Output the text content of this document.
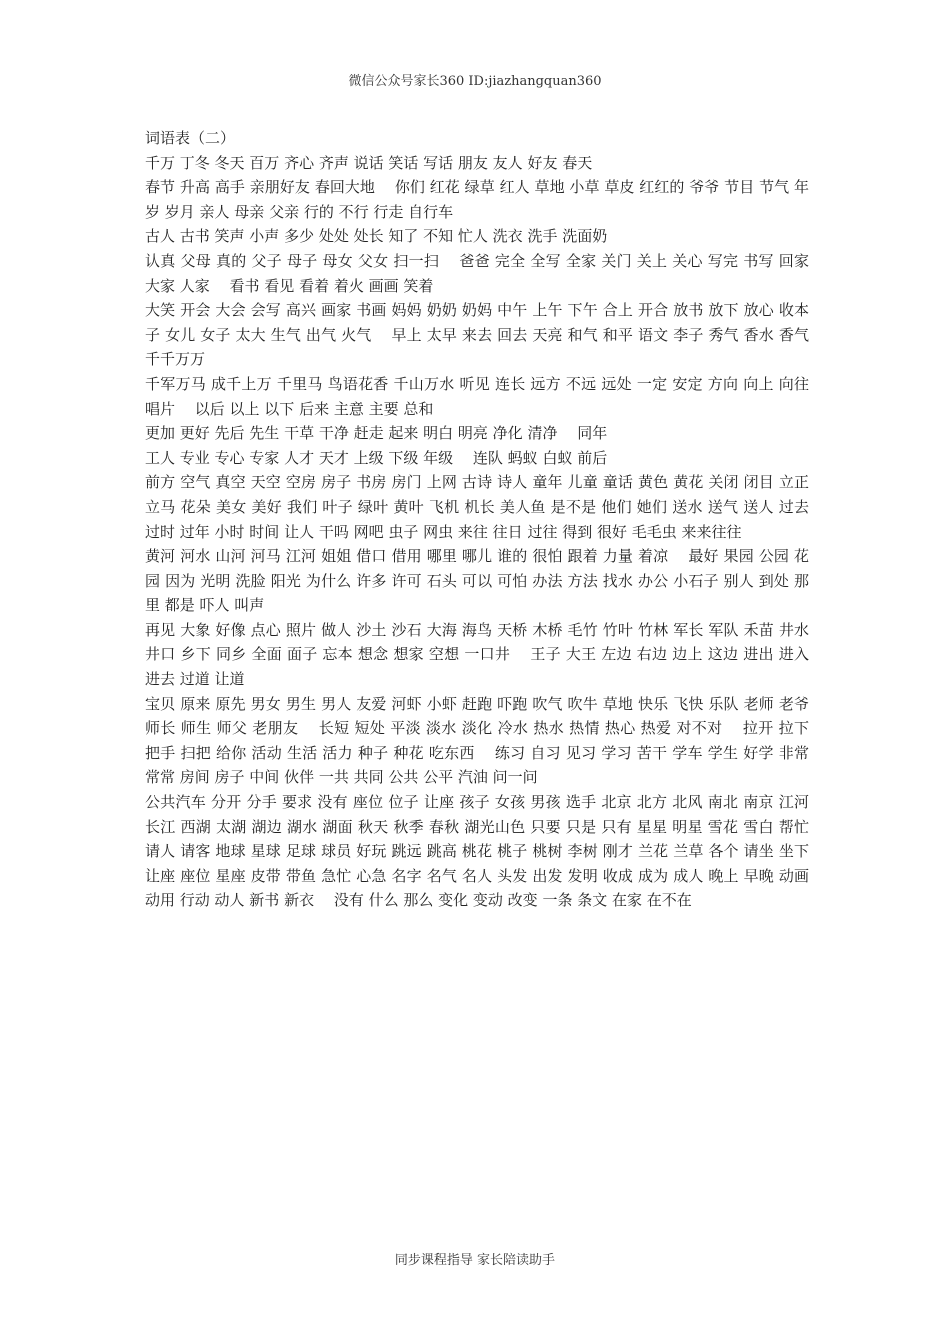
微信公众号家长360 ID:jiazhangquan360

词语表（二）

千万 丁冬 冬天 百万 齐心 齐声 说话 笑话 写话 朋友 友人 好友 春天

春节 升高 高手 亲朋好友 春回大地　 你们 红花 绿草 红人 草地 小草 草皮 红红的 爷爷 节目 节气 年岁 岁月 亲人 母亲 父亲 行的 不行 行走 自行车

古人 古书 笑声 小声 多少 处处 处长 知了 不知 忙人 洗衣 洗手 洗面奶

认真 父母 真的 父子 母子 母女 父女 扫一扫　 爸爸 完全 全写 全家 关门 关上 关心 写完 书写 回家 大家 人家　 看书 看见 看着 着火 画画 笑着

大笑 开会 大会 会写 高兴 画家 书画 妈妈 奶奶 奶妈 中午 上午 下午 合上 开合 放书 放下 放心 收本子 女儿 女子 太大 生气 出气 火气　 早上 太早 来去 回去 天亮 和气 和平 语文 李子 秀气 香水 香气 千千万万

千军万马 成千上万 千里马 鸟语花香 千山万水 听见 连长 远方 不远 远处 一定 安定 方向 向上 向往 唱片　 以后 以上 以下 后来 主意 主要 总和

更加 更好 先后 先生 干草 干净 赶走 起来 明白 明亮 净化 清净　 同年

工人 专业 专心 专家 人才 天才 上级 下级 年级　 连队 蚂蚁 白蚁 前后

前方 空气 真空 天空 空房 房子 书房 房门 上网 古诗 诗人 童年 儿童 童话 黄色 黄花 关闭 闭目 立正 立马 花朵 美女 美好 我们 叶子 绿叶 黄叶 飞机 机长 美人鱼 是不是 他们 她们 送水 送气 送人 过去 过时 过年 小时 时间 让人 干吗 网吧 虫子 网虫 来往 往日 过往 得到 很好 毛毛虫 来来往往

黄河 河水 山河 河马 江河 姐姐 借口 借用 哪里 哪儿 谁的 很怕 跟着 力量 着凉　 最好 果园 公园 花园 因为 光明 洗脸 阳光 为什么 许多 许可 石头 可以 可怕 办法 方法 找水 办公 小石子 别人 到处 那里 都是 吓人 叫声

再见 大象 好像 点心 照片 做人 沙土 沙石 大海 海鸟 天桥 木桥 毛竹 竹叶 竹林 军长 军队 禾苗 井水 井口 乡下 同乡 全面 面子 忘本 想念 想家 空想 一口井　 王子 大王 左边 右边 边上 这边 进出 进入 进去 过道 让道

宝贝 原来 原先 男女 男生 男人 友爱 河虾 小虾 赶跑 吓跑 吹气 吹牛 草地 快乐 飞快 乐队 老师 老爷 师长 师生 师父 老朋友　 长短 短处 平淡 淡水 淡化 冷水 热水 热情 热心 热爱 对不对　 拉开 拉下 把手 扫把 给你 活动 生活 活力 种子 种花 吃东西　 练习 自习 见习 学习 苦干 学车 学生 好学 非常 常常 房间 房子 中间 伙伴 一共 共同 公共 公平 汽油 问一问

公共汽车 分开 分手 要求 没有 座位 位子 让座 孩子 女孩 男孩 选手 北京 北方 北风 南北 南京 江河 长江 西湖 太湖 湖边 湖水 湖面 秋天 秋季 春秋 湖光山色 只要 只是 只有 星星 明星 雪花 雪白 帮忙 请人 请客 地球 星球 足球 球员 好玩 跳远 跳高 桃花 桃子 桃树 李树 刚才 兰花 兰草 各个 请坐 坐下 让座 座位 星座 皮带 带鱼 急忙 心急 名字 名气 名人 头发 出发 发明 收成 成为 成人 晚上 早晚 动画 动用 行动 动人 新书 新衣　 没有 什么 那么 变化 变动 改变 一条 条文 在家 在不在

同步课程指导 家长陪读助手
